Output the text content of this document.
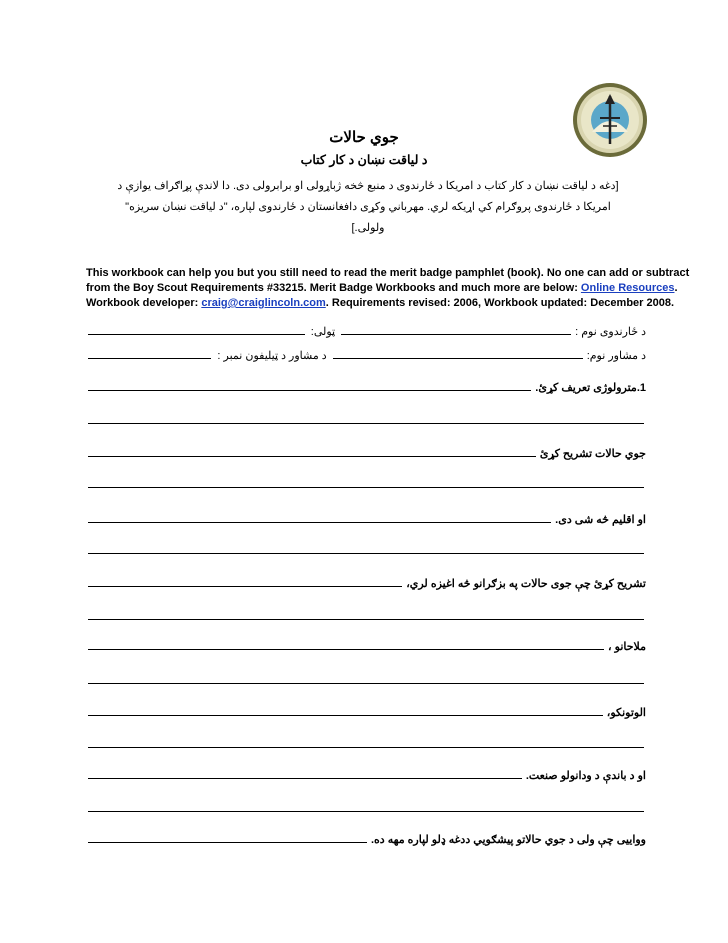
جوي حالات
د لياقت نښان د کار کتاب
[دغه د لياقت نښان د کار کتاب د امريکا د ځارندوی د منبع څخه ژباړولی او برابرولی دی. دا لاندې پړاګراف یوازې د
امريکا د ځارندوی پروګرام کي اړيکه لري. مهرباني وکړی دافغانستان د ځارندوی لپاره، "د لياقت نښان سريزه"
ولولی.]
This workbook can help you but you still need to read the merit badge pamphlet (book). No one can add or subtract
from the Boy Scout Requirements #33215. Merit Badge Workbooks and much more are below: Online Resources.
Workbook developer: craig@craiglincoln.com. Requirements revised: 2006, Workbook updated: December 2008.
د ځارندوی نوم :
ټولی:
د مشاور نوم:
د مشاور د ټیلیفون نمبر :
1.مترولوژی تعريف کړئ.
جوي حالات تشريح کړئ
او اقليم څه شی دی.
تشريح کړئ چې جوی حالات په بزګرانو څه اغيزه لري،
ملاحانو ،
الوتونکو،
او د باندې د ودانولو صنعت.
وواييی چې ولی د جوي حالاتو پيشګويي ددغه ډلو لپاره مهه ده.
